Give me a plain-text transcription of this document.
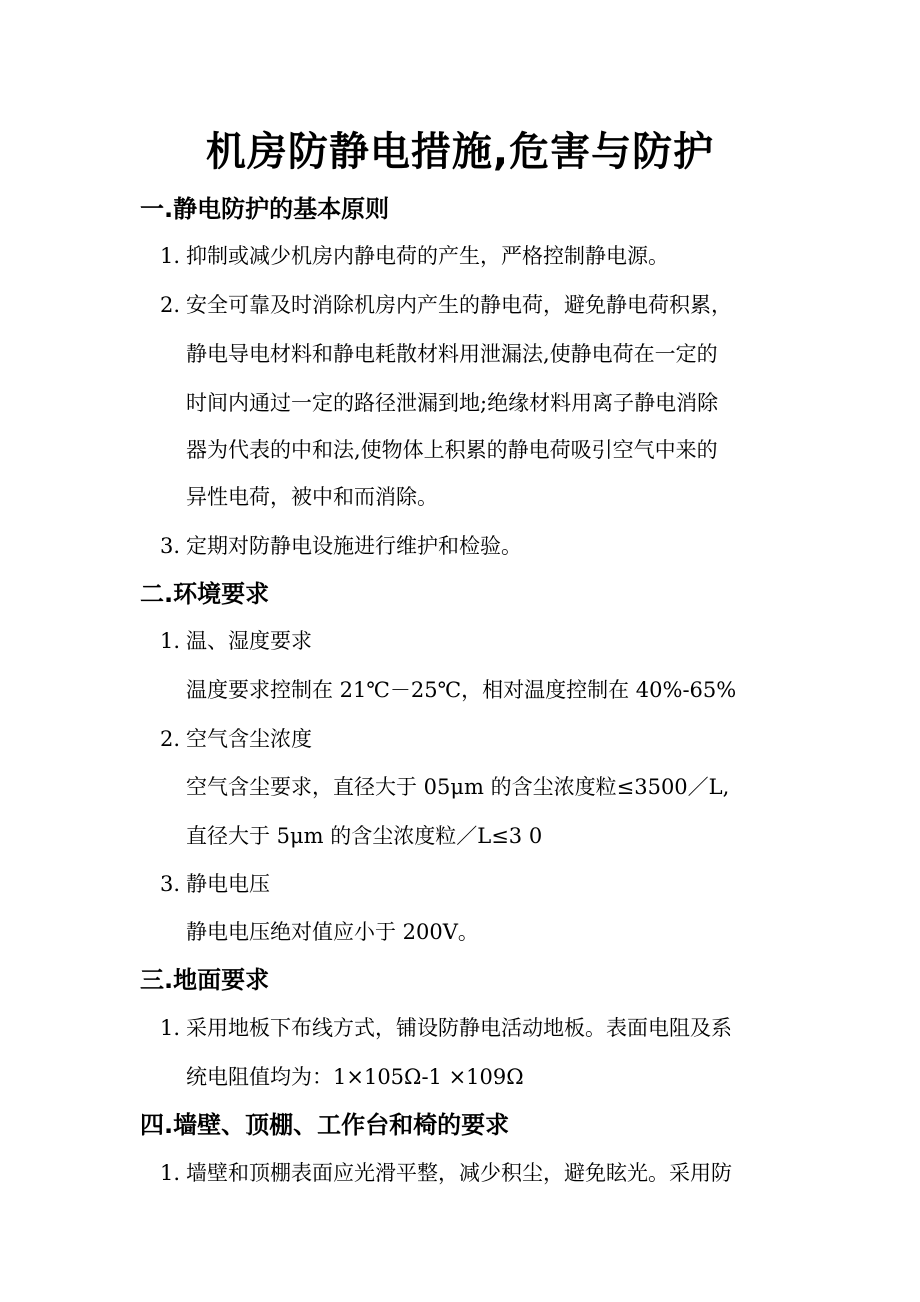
机房防静电措施,危害与防护
一.静电防护的基本原则
1. 抑制或减少机房内静电荷的产生，严格控制静电源。
2. 安全可靠及时消除机房内产生的静电荷，避免静电荷积累，
静电导电材料和静电耗散材料用泄漏法,使静电荷在一定的
时间内通过一定的路径泄漏到地;绝缘材料用离子静电消除
器为代表的中和法,使物体上积累的静电荷吸引空气中来的
异性电荷，被中和而消除。
3. 定期对防静电设施进行维护和检验。
二.环境要求
1. 温、湿度要求
温度要求控制在 21℃－25℃，相对温度控制在 40%-65%
2. 空气含尘浓度
空气含尘要求，直径大于 05μm 的含尘浓度粒≤3500／L,
直径大于 5μm 的含尘浓度粒／L≤3 0
3. 静电电压
静电电压绝对值应小于 200V。
三.地面要求
1. 采用地板下布线方式，铺设防静电活动地板。表面电阻及系
统电阻值均为：1×105Ω-1 ×109Ω
四.墙壁、顶棚、工作台和椅的要求
1. 墙壁和顶棚表面应光滑平整，减少积尘，避免眩光。采用防
